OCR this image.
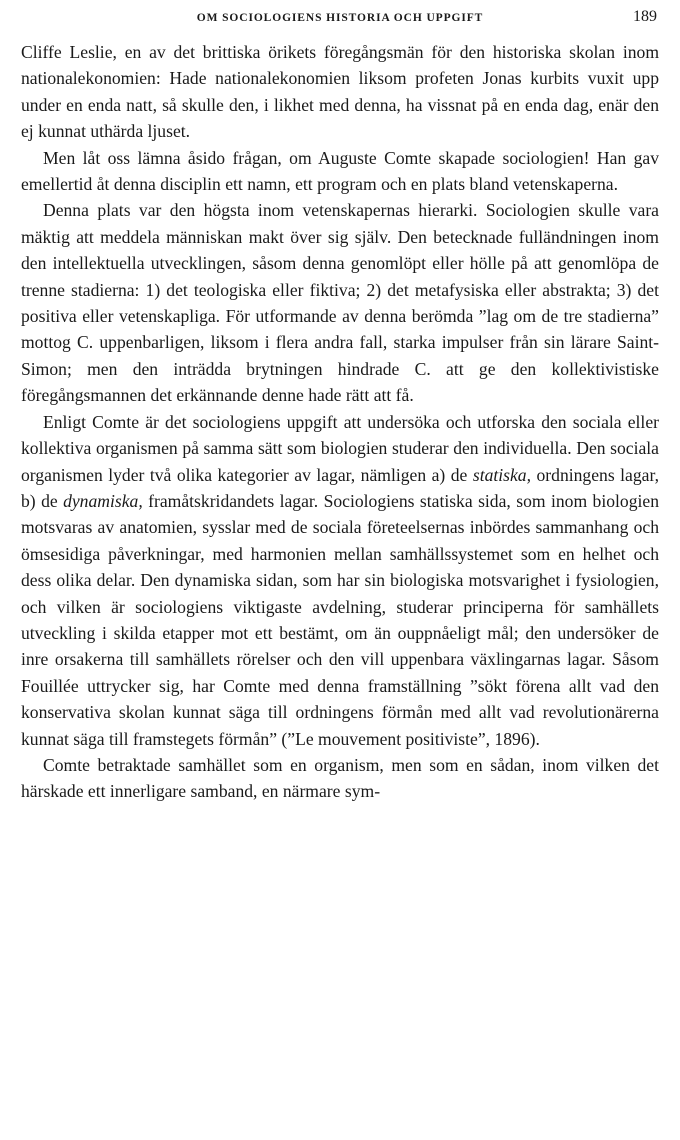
OM SOCIOLOGIENS HISTORIA OCH UPPGIFT	189

Cliffe Leslie, en av det brittiska örikets föregångsmän för den historiska skolan inom nationalekonomien: Hade nationalekonomien liksom profeten Jonas kurbits vuxit upp under en enda natt, så skulle den, i likhet med denna, ha vissnat på en enda dag, enär den ej kunnat uthärda ljuset.

Men låt oss lämna åsido frågan, om Auguste Comte skapade sociologien! Han gav emellertid åt denna disciplin ett namn, ett program och en plats bland vetenskaperna.

Denna plats var den högsta inom vetenskapernas hierarki. Sociologien skulle vara mäktig att meddela människan makt över sig själv. Den betecknade fulländningen inom den intellektuella utvecklingen, såsom denna genomlöpt eller hölle på att genomlöpa de trenne stadierna: 1) det teologiska eller fiktiva; 2) det metafysiska eller abstrakta; 3) det positiva eller vetenskapliga. För utformande av denna berömda ”lag om de tre stadierna” mottog C. uppenbarligen, liksom i flera andra fall, starka impulser från sin lärare Saint-Simon; men den inträdda brytningen hindrade C. att ge den kollektivistiske föregångsmannen det erkännande denne hade rätt att få.

Enligt Comte är det sociologiens uppgift att undersöka och utforska den sociala eller kollektiva organismen på samma sätt som biologien studerar den individuella. Den sociala organismen lyder två olika kategorier av lagar, nämligen a) de statiska, ordningens lagar, b) de dynamiska, framåtskridandets lagar. Sociologiens statiska sida, som inom biologien motsvaras av anatomien, sysslar med de sociala företeelsernas inbördes sammanhang och ömsesidiga påverkningar, med harmonien mellan samhällssystemet som en helhet och dess olika delar. Den dynamiska sidan, som har sin biologiska motsvarighet i fysiologien, och vilken är sociologiens viktigaste avdelning, studerar principerna för samhällets utveckling i skilda etapper mot ett bestämt, om än ouppnåeligt mål; den undersöker de inre orsakerna till samhällets rörelser och den vill uppenbara växlingarnas lagar. Såsom Fouillée uttrycker sig, har Comte med denna framställning ”sökt förena allt vad den konservativa skolan kunnat säga till ordningens förmån med allt vad revolutionärerna kunnat säga till framstegets förmån” (”Le mouvement positiviste”, 1896).

Comte betraktade samhället som en organism, men som en sådan, inom vilken det härskade ett innerligare samband, en närmare sym-
